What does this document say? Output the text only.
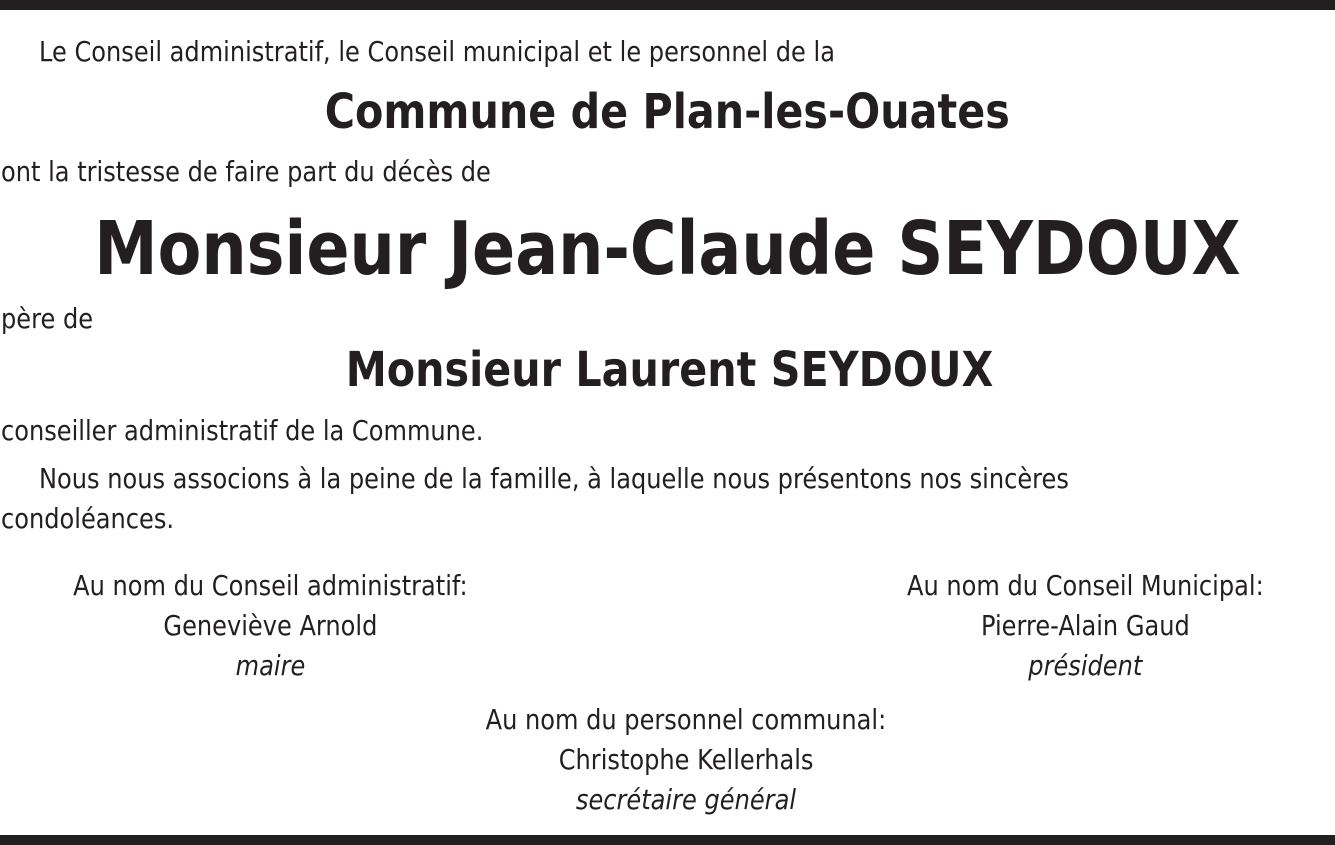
Le Conseil administratif, le Conseil municipal et le personnel de la
Commune de Plan-les-Ouates
ont la tristesse de faire part du décès de
Monsieur Jean-Claude SEYDOUX
père de
Monsieur Laurent SEYDOUX
conseiller administratif de la Commune.
Nous nous associons à la peine de la famille, à laquelle nous présentons nos sincères
condoléances.
Au nom du Conseil administratif:
Geneviève Arnold
maire
Au nom du Conseil Municipal:
Pierre-Alain Gaud
président
Au nom du personnel communal:
Christophe Kellerhals
secrétaire général
